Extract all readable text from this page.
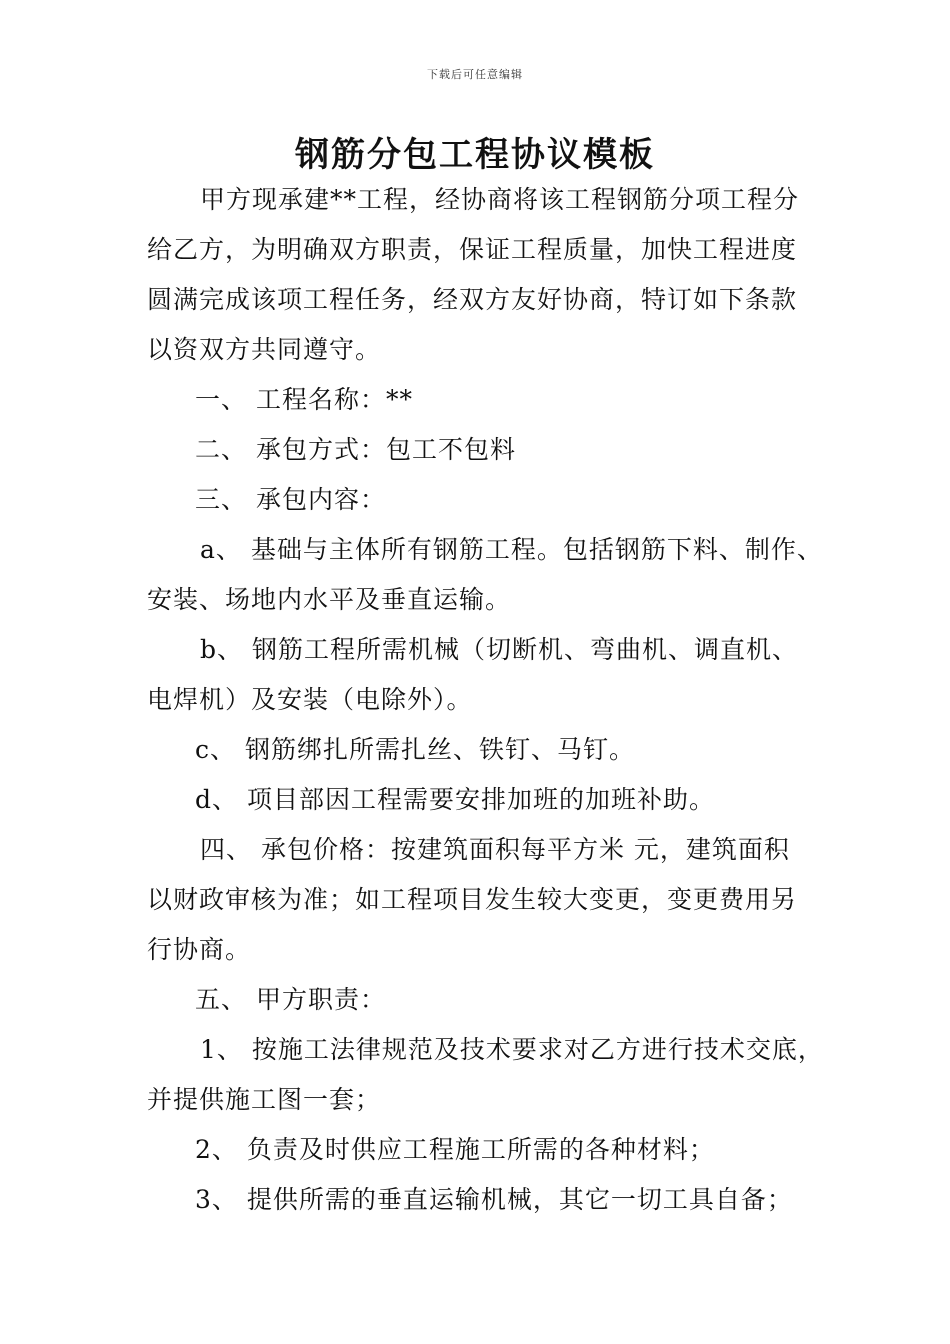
下载后可任意编辑
钢筋分包工程协议模板
甲方现承建**工程，经协商将该工程钢筋分项工程分
给乙方，为明确双方职责，保证工程质量，加快工程进度
圆满完成该项工程任务，经双方友好协商，特订如下条款
以资双方共同遵守。
一、 工程名称：**
二、 承包方式：包工不包料
三、 承包内容：
a、 基础与主体所有钢筋工程。包括钢筋下料、制作、
安装、场地内水平及垂直运输。
b、 钢筋工程所需机械（切断机、弯曲机、调直机、
电焊机）及安装（电除外）。
c、 钢筋绑扎所需扎丝、铁钉、马钉。
d、 项目部因工程需要安排加班的加班补助。
四、 承包价格：按建筑面积每平方米 元，建筑面积
以财政审核为准；如工程项目发生较大变更，变更费用另
行协商。
五、 甲方职责：
1、 按施工法律规范及技术要求对乙方进行技术交底，
并提供施工图一套；
2、 负责及时供应工程施工所需的各种材料；
3、 提供所需的垂直运输机械，其它一切工具自备；
